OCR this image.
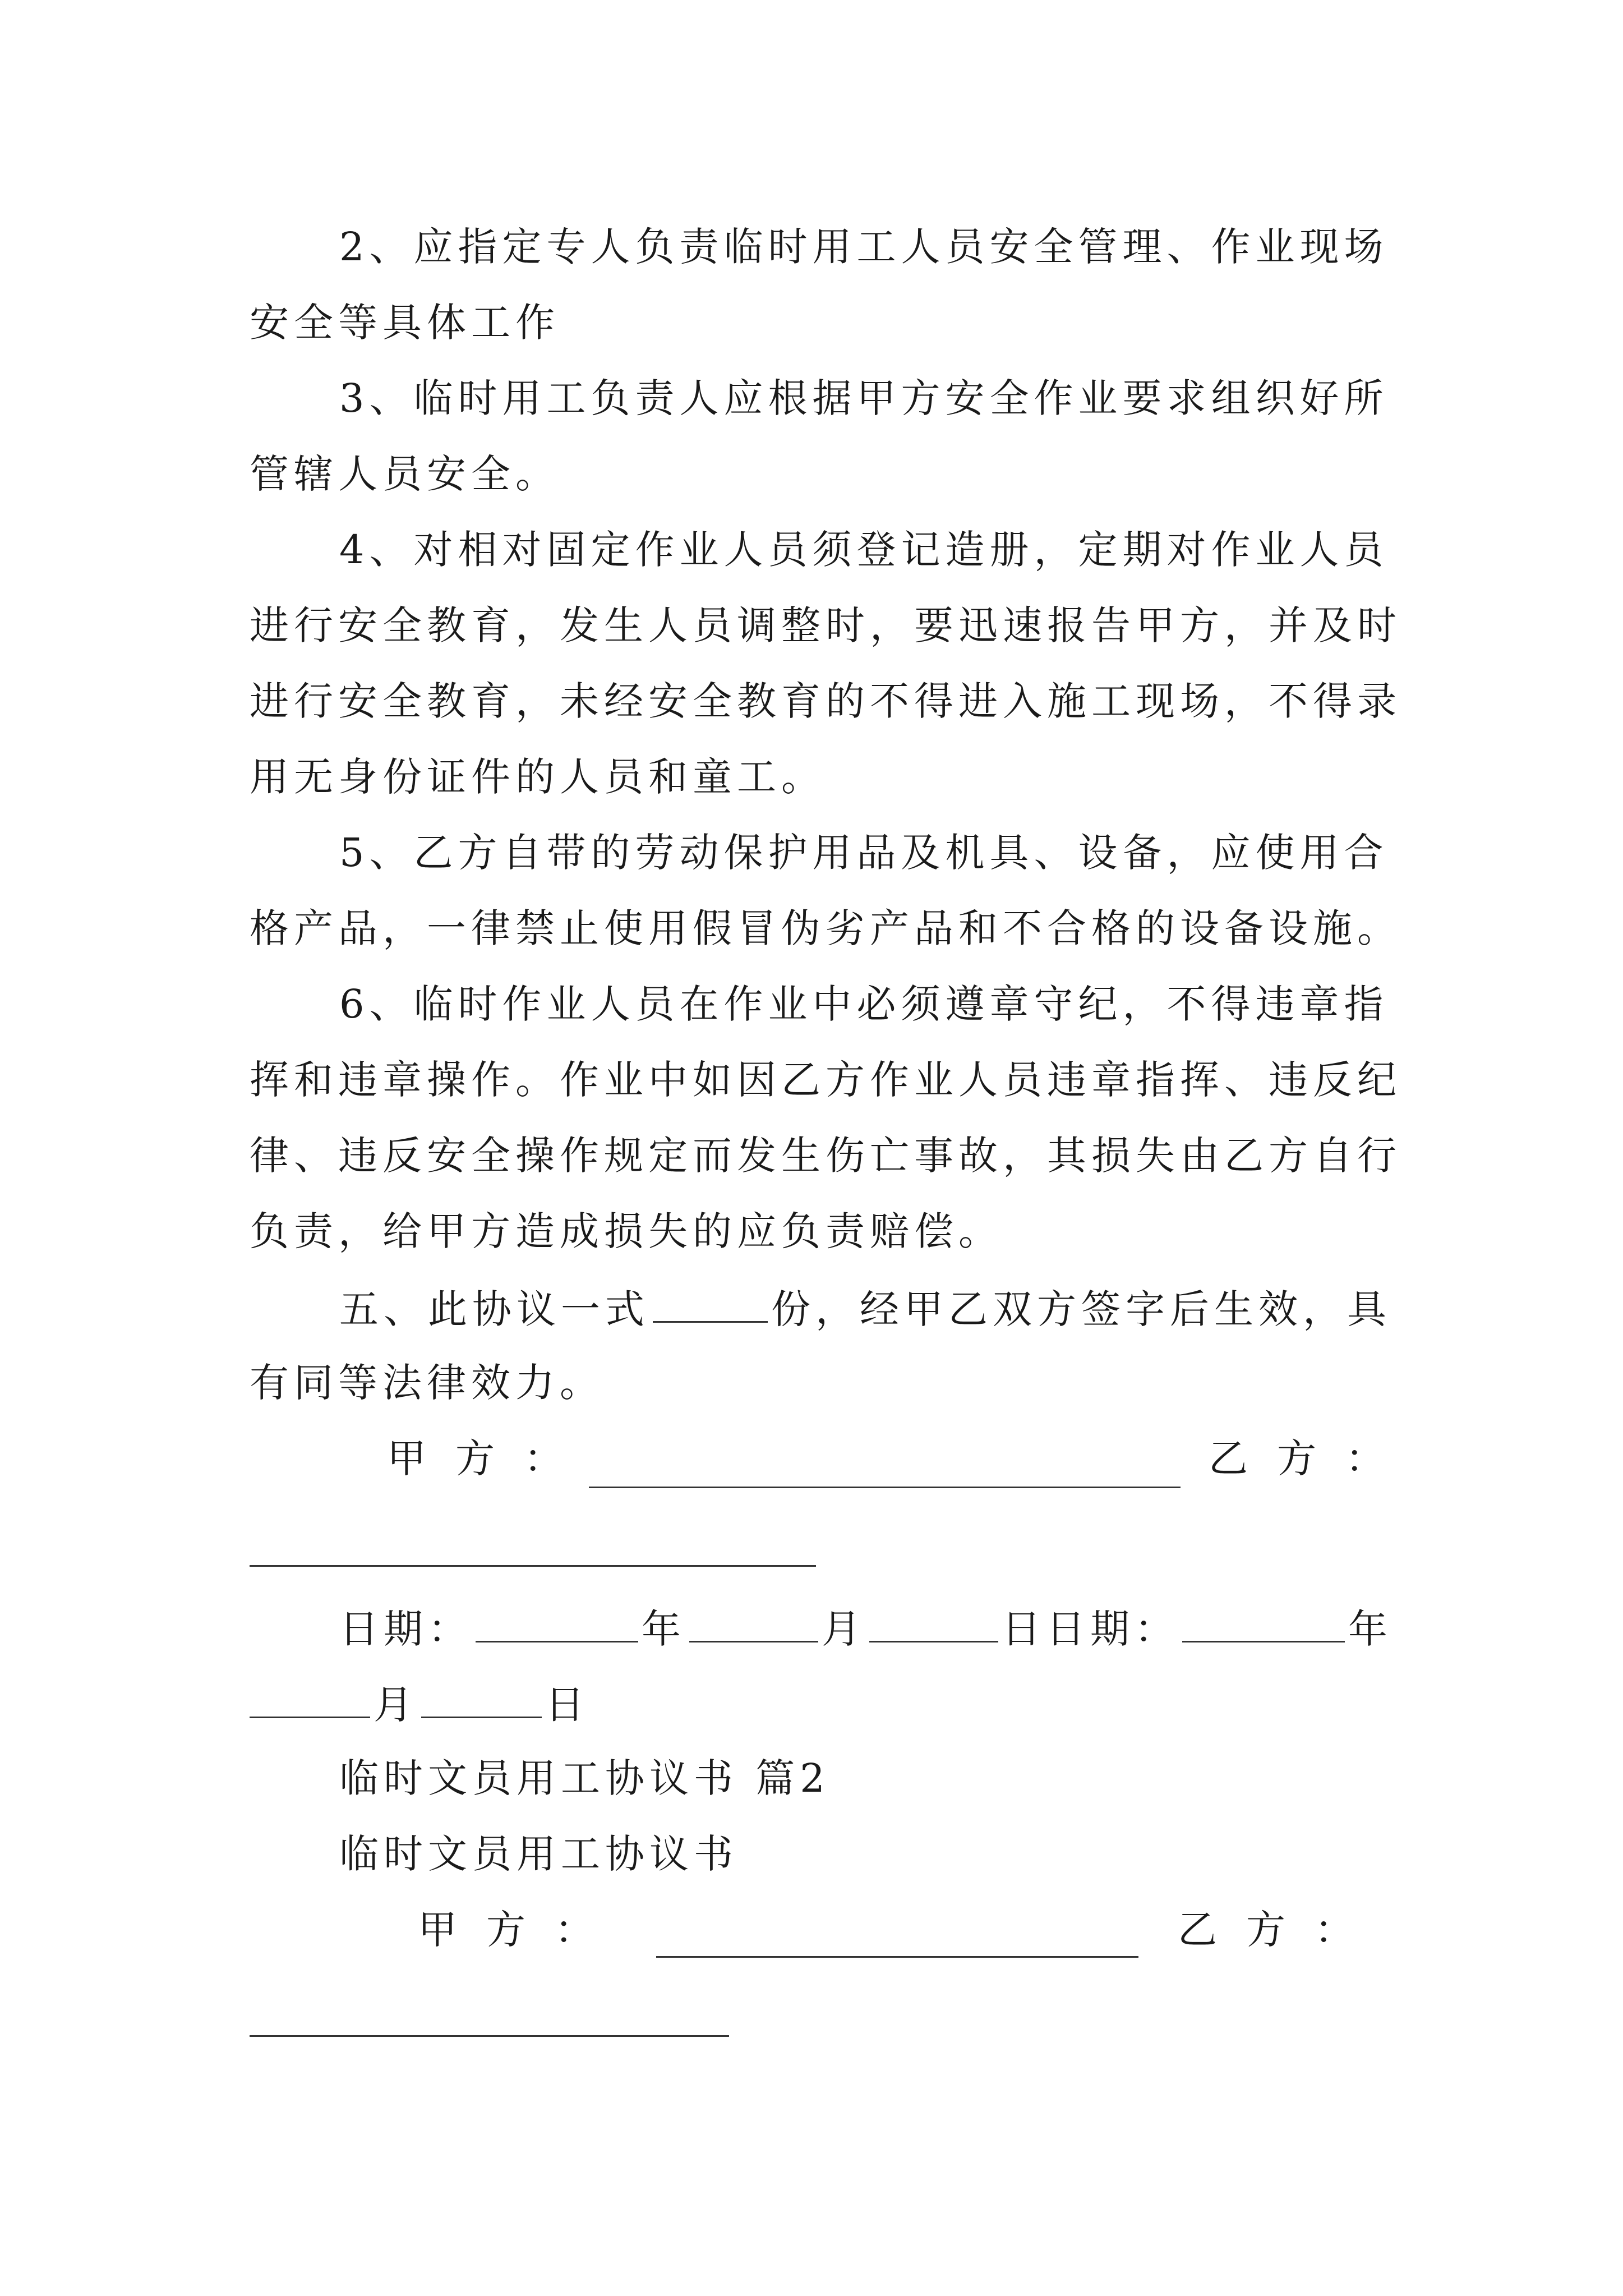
2、应指定专人负责临时用工人员安全管理、作业现场
安全等具体工作
3、临时用工负责人应根据甲方安全作业要求组织好所
管辖人员安全。
4、对相对固定作业人员须登记造册，定期对作业人员
进行安全教育，发生人员调整时，要迅速报告甲方，并及时
进行安全教育，未经安全教育的不得进入施工现场，不得录
用无身份证件的人员和童工。
5、乙方自带的劳动保护用品及机具、设备，应使用合
格产品，一律禁止使用假冒伪劣产品和不合格的设备设施。
6、临时作业人员在作业中必须遵章守纪，不得违章指
挥和违章操作。作业中如因乙方作业人员违章指挥、违反纪
律、违反安全操作规定而发生伤亡事故，其损失由乙方自行
负责，给甲方造成损失的应负责赔偿。
五、此协议一式	份，经甲乙双方签字后生效，具
有同等法律效力。
甲方：	乙方：
日期：	年	月	日日期：	年
月	日
临时文员用工协议书 篇2
临时文员用工协议书
甲方：	乙方：
